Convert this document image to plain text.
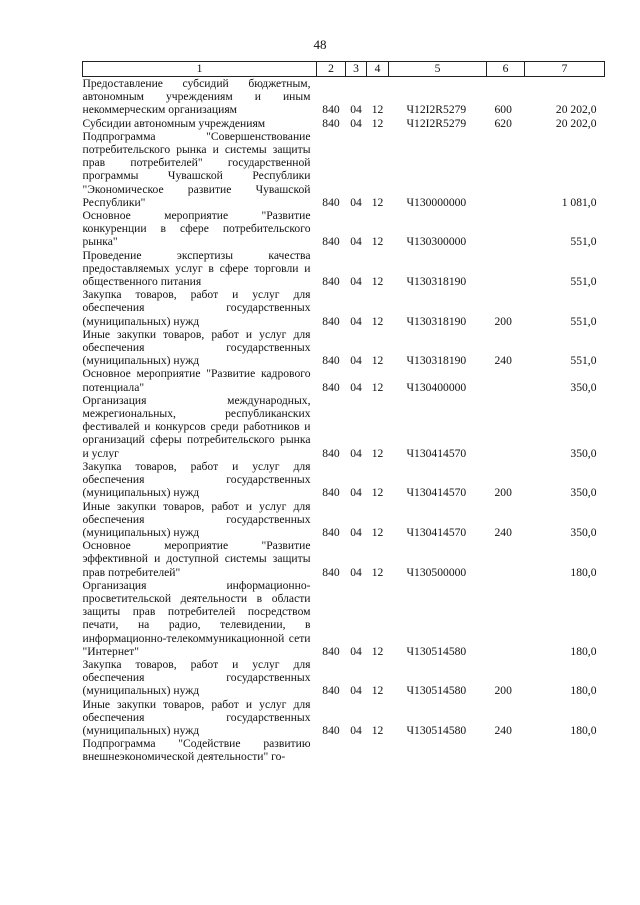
48
1	2	3	4	5	6	7
Предоставление субсидий бюджетным, автономным учреждениям и иным некоммерческим организациям	840	04	12	Ч12I2R5279	600	20 202,0
Субсидии автономным учреждениям	840	04	12	Ч12I2R5279	620	20 202,0
Подпрограмма "Совершенствование потребительского рынка и системы защиты прав потребителей" государственной программы Чувашской Республики "Экономическое развитие Чувашской Республики"	840	04	12	Ч130000000		1 081,0
Основное мероприятие "Развитие конкуренции в сфере потребительского рынка"	840	04	12	Ч130300000		551,0
Проведение экспертизы качества предоставляемых услуг в сфере торговли и общественного питания	840	04	12	Ч130318190		551,0
Закупка товаров, работ и услуг для обеспечения государственных (муниципальных) нужд	840	04	12	Ч130318190	200	551,0
Иные закупки товаров, работ и услуг для обеспечения государственных (муниципальных) нужд	840	04	12	Ч130318190	240	551,0
Основное мероприятие "Развитие кадрового потенциала"	840	04	12	Ч130400000		350,0
Организация международных, межрегиональных, республиканских фестивалей и конкурсов среди работников и организаций сферы потребительского рынка и услуг	840	04	12	Ч130414570		350,0
Закупка товаров, работ и услуг для обеспечения государственных (муниципальных) нужд	840	04	12	Ч130414570	200	350,0
Иные закупки товаров, работ и услуг для обеспечения государственных (муниципальных) нужд	840	04	12	Ч130414570	240	350,0
Основное мероприятие "Развитие эффективной и доступной системы защиты прав потребителей"	840	04	12	Ч130500000		180,0
Организация информационно-просветительской деятельности в области защиты прав потребителей посредством печати, на радио, телевидении, в информационно-телекоммуникационной сети "Интернет"	840	04	12	Ч130514580		180,0
Закупка товаров, работ и услуг для обеспечения государственных (муниципальных) нужд	840	04	12	Ч130514580	200	180,0
Иные закупки товаров, работ и услуг для обеспечения государственных (муниципальных) нужд	840	04	12	Ч130514580	240	180,0
Подпрограмма "Содействие развитию внешнеэкономической деятельности" го-						
